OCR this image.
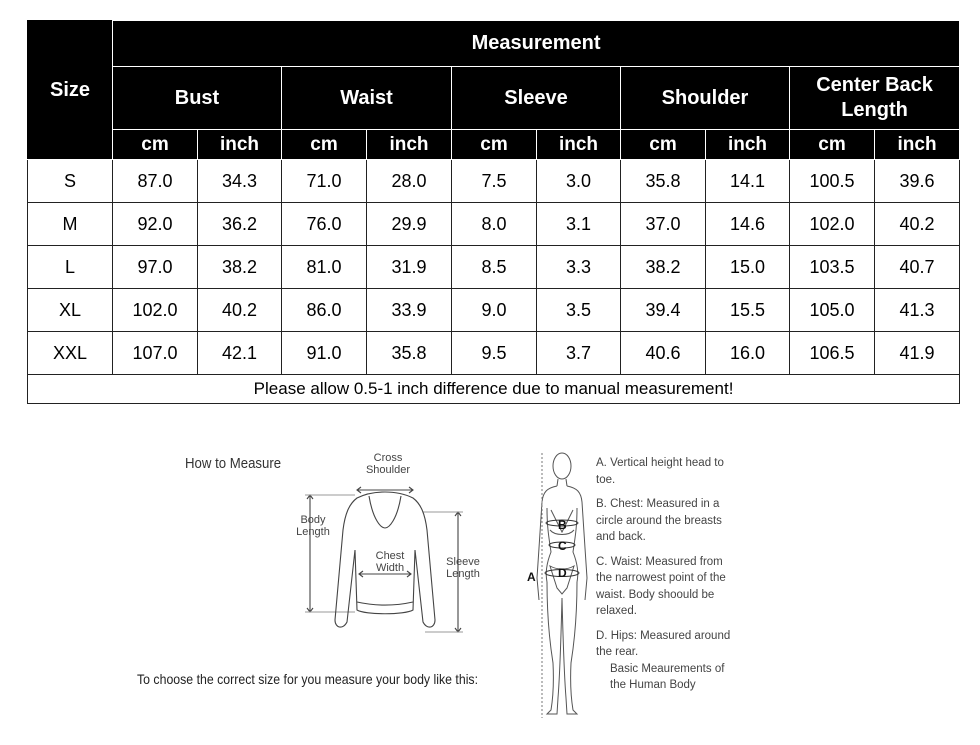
Size	Measurement									
	Bust		Waist		Sleeve		Shoulder		Center Back Length	
	cm	inch	cm	inch	cm	inch	cm	inch	cm	inch
S	87.0	34.3	71.0	28.0	7.5	3.0	35.8	14.1	100.5	39.6
M	92.0	36.2	76.0	29.9	8.0	3.1	37.0	14.6	102.0	40.2
L	97.0	38.2	81.0	31.9	8.5	3.3	38.2	15.0	103.5	40.7
XL	102.0	40.2	86.0	33.9	9.0	3.5	39.4	15.5	105.0	41.3
XXL	107.0	42.1	91.0	35.8	9.5	3.7	40.6	16.0	106.5	41.9
Please allow 0.5-1 inch difference due to manual measurement!										
How to Measure	Cross Shoulder
Body Length
Chest Width	Sleeve Length
To choose the correct size for you measure your body like this:
A
B
C
D
A. Vertical height head to toe.
B. Chest: Measured in a circle around the breasts and back.
C. Waist: Measured from the narrowest point of the waist. Body shoould be relaxed.
D. Hips: Measured around the rear.
Basic Meaurements of the Human Body
